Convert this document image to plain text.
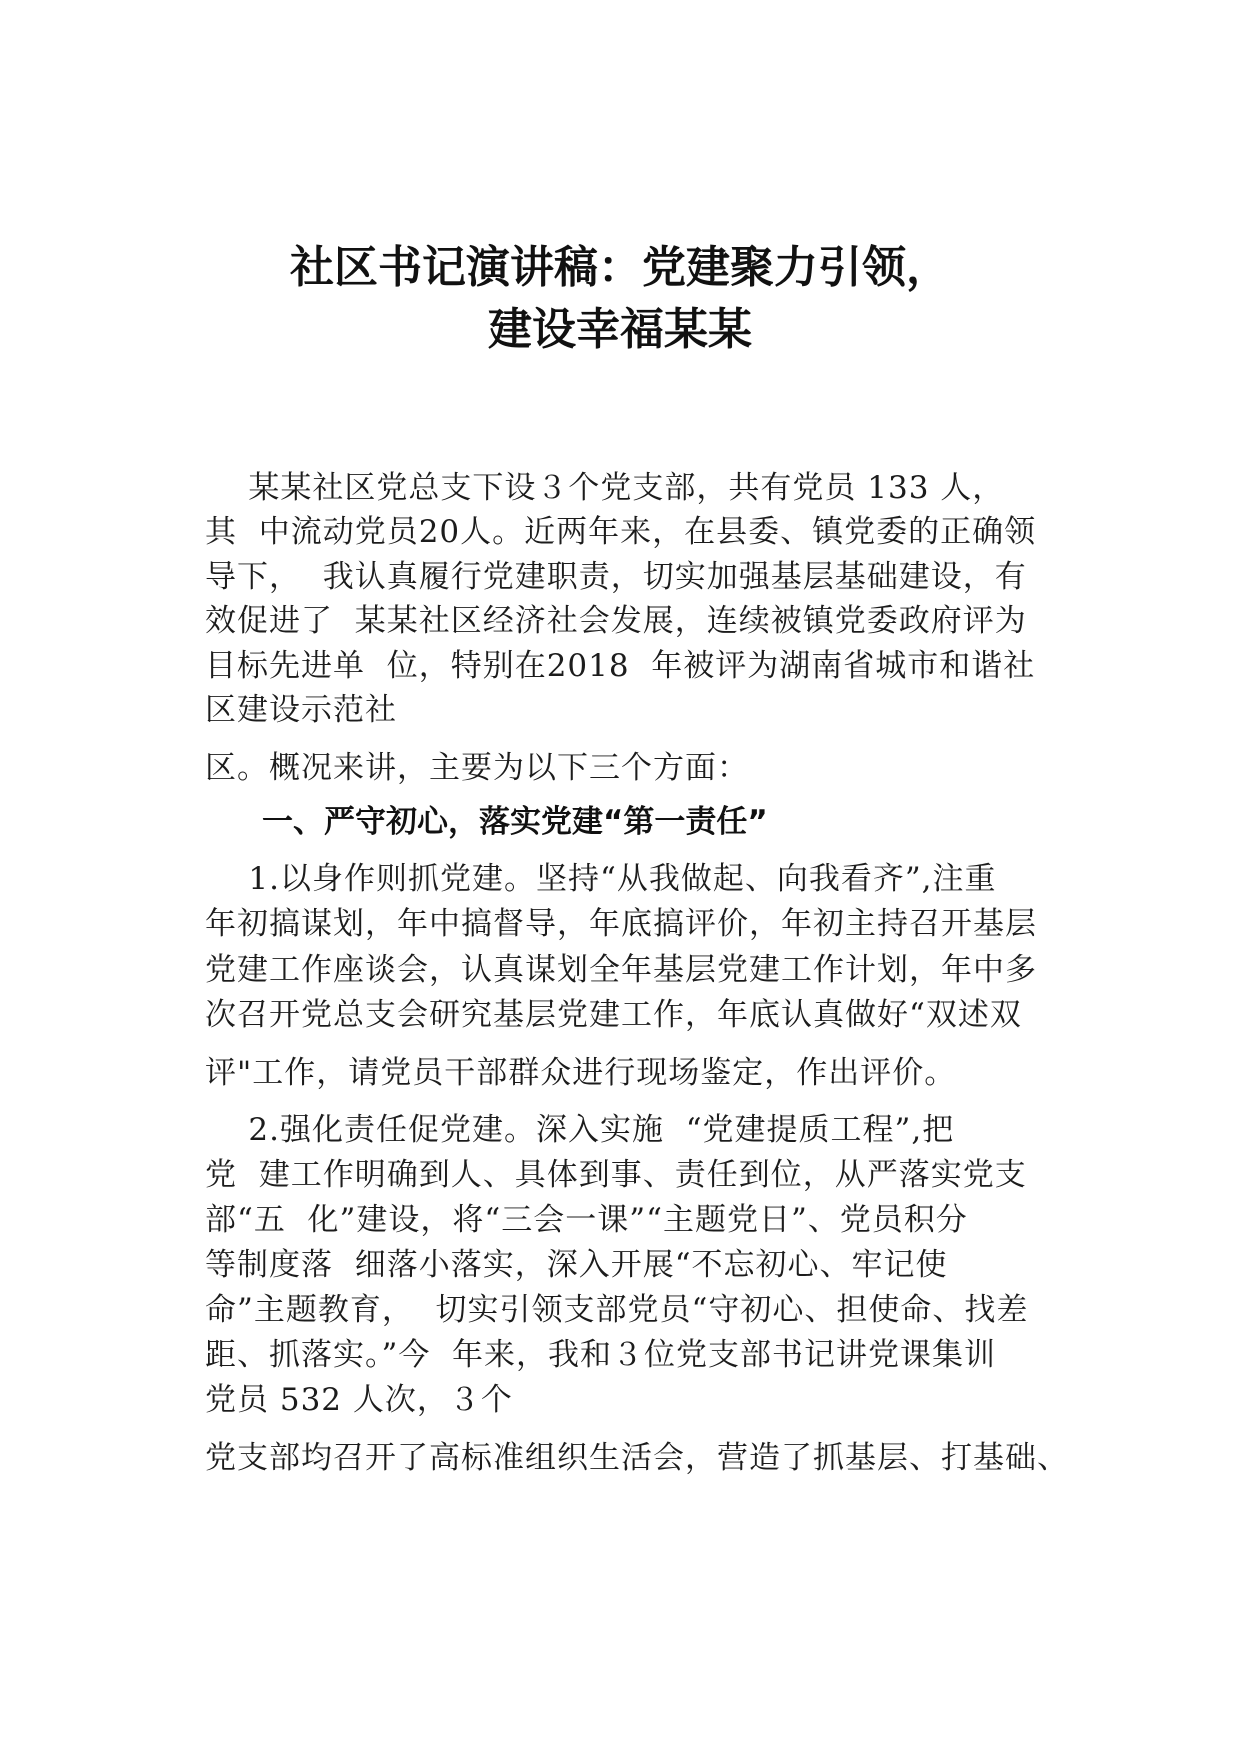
社区书记演讲稿：党建聚力引领，
建设幸福某某
某某社区党总支下设３个党支部，共有党员 133 人，
其  中流动党员20人。近两年来，在县委、镇党委的正确领
导下，  我认真履行党建职责，切实加强基层基础建设，有
效促进了  某某社区经济社会发展，连续被镇党委政府评为
目标先进单  位，特别在2018  年被评为湖南省城市和谐社
区建设示范社
区。概况来讲，主要为以下三个方面：
一、严守初心，落实党建“第一责任”
1.以身作则抓党建。坚持“从我做起、向我看齐”,注重
年初搞谋划，年中搞督导，年底搞评价，年初主持召开基层
党建工作座谈会，认真谋划全年基层党建工作计划，年中多
次召开党总支会研究基层党建工作，年底认真做好“双述双
评"工作，请党员干部群众进行现场鉴定，作出评价。
2.强化责任促党建。深入实施  “党建提质工程”,把
党  建工作明确到人、具体到事、责任到位，从严落实党支
部“五  化”建设，将“三会一课”“主题党日”、党员积分
等制度落  细落小落实，深入开展“不忘初心、牢记使
命”主题教育，  切实引领支部党员“守初心、担使命、找差
距、抓落实。”今  年来，我和３位党支部书记讲党课集训
党员 532 人次，３个
党支部均召开了高标准组织生活会，营造了抓基层、打基础、
